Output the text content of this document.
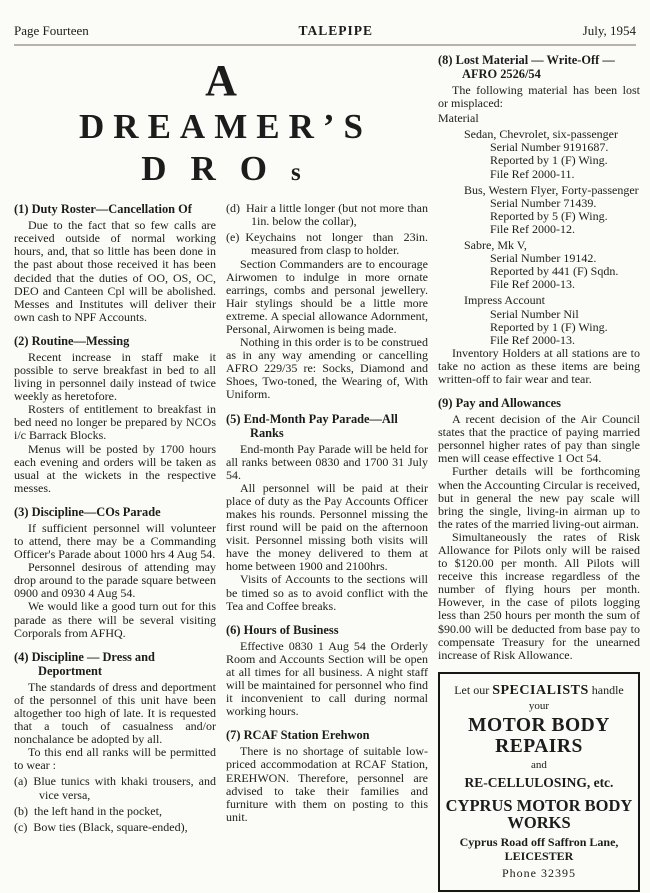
Page Fourteen	TALEPIPE	July, 1954
A
DREAMER’S
DROs
(1) Duty Roster—Cancellation Of
Due to the fact that so few calls are received outside of normal working hours, and, that so little has been done in the past about those received it has been decided that the duties of OO, OS, OC, DEO and Canteen Cpl will be abolished. Messes and Institutes will deliver their own cash to NPF Accounts.
(2) Routine—Messing
Recent increase in staff make it possible to serve breakfast in bed to all living in personnel daily instead of twice weekly as heretofore.
Rosters of entitlement to breakfast in bed need no longer be prepared by NCOs i/c Barrack Blocks.
Menus will be posted by 1700 hours each evening and orders will be taken as usual at the wickets in the respective messes.
(3) Discipline—COs Parade
If sufficient personnel will volunteer to attend, there may be a Commanding Officer's Parade about 1000 hrs 4 Aug 54.
Personnel desirous of attending may drop around to the parade square between 0900 and 0930 4 Aug 54.
We would like a good turn out for this parade as there will be several visiting Corporals from AFHQ.
(4) Discipline — Dress and Deportment
The standards of dress and deportment of the personnel of this unit have been altogether too high of late. It is requested that a touch of casualness and/or nonchalance be adopted by all.
To this end all ranks will be permitted to wear :
(a) Blue tunics with khaki trousers, and vice versa,
(b) the left hand in the pocket,
(c) Bow ties (Black, square-ended),
(d) Hair a little longer (but not more than 1in. below the collar),
(e) Keychains not longer than 23in. measured from clasp to holder.
Section Commanders are to encourage Airwomen to indulge in more ornate earrings, combs and personal jewellery. Hair stylings should be a little more extreme. A special allowance Adornment, Personal, Airwomen is being made.
Nothing in this order is to be construed as in any way amending or cancelling AFRO 229/35 re: Socks, Diamond and Shoes, Two-toned, the Wearing of, With Uniform.
(5) End-Month Pay Parade—All Ranks
End-month Pay Parade will be held for all ranks between 0830 and 1700 31 July 54.
All personnel will be paid at their place of duty as the Pay Accounts Officer makes his rounds. Personnel missing the first round will be paid on the afternoon visit. Personnel missing both visits will have the money delivered to them at home between 1900 and 2100hrs.
Visits of Accounts to the sections will be timed so as to avoid conflict with the Tea and Coffee breaks.
(6) Hours of Business
Effective 0830 1 Aug 54 the Orderly Room and Accounts Section will be open at all times for all business. A night staff will be maintained for personnel who find it inconvenient to call during normal working hours.
(7) RCAF Station Erehwon
There is no shortage of suitable low-priced accommodation at RCAF Station, EREHWON. Therefore, personnel are advised to take their families and furniture with them on posting to this unit.
(8) Lost Material — Write-Off — AFRO 2526/54
The following material has been lost or misplaced:
Material
Sedan, Chevrolet, six-passenger
Serial Number 9191687.
Reported by 1 (F) Wing.
File Ref 2000-11.
Bus, Western Flyer, Forty-passenger
Serial Number 71439.
Reported by 5 (F) Wing.
File Ref 2000-12.
Sabre, Mk V,
Serial Number 19142.
Reported by 441 (F) Sqdn.
File Ref 2000-13.
Impress Account
Serial Number Nil
Reported by 1 (F) Wing.
File Ref 2000-13.
Inventory Holders at all stations are to take no action as these items are being written-off to fair wear and tear.
(9) Pay and Allowances
A recent decision of the Air Council states that the practice of paying married personnel higher rates of pay than single men will cease effective 1 Oct 54.
Further details will be forthcoming when the Accounting Circular is received, but in general the new pay scale will bring the single, living-in airman up to the rates of the married living-out airman.
Simultaneously the rates of Risk Allowance for Pilots only will be raised to $120.00 per month. All Pilots will receive this increase regardless of the number of flying hours per month. However, in the case of pilots logging less than 250 hours per month the sum of $90.00 will be deducted from base pay to compensate Treasury for the unearned increase of Risk Allowance.
Let our SPECIALISTS handle
your
MOTOR BODY REPAIRS
and
RE-CELLULOSING, etc.
CYPRUS MOTOR BODY WORKS
Cyprus Road off Saffron Lane, LEICESTER
Phone 32395
